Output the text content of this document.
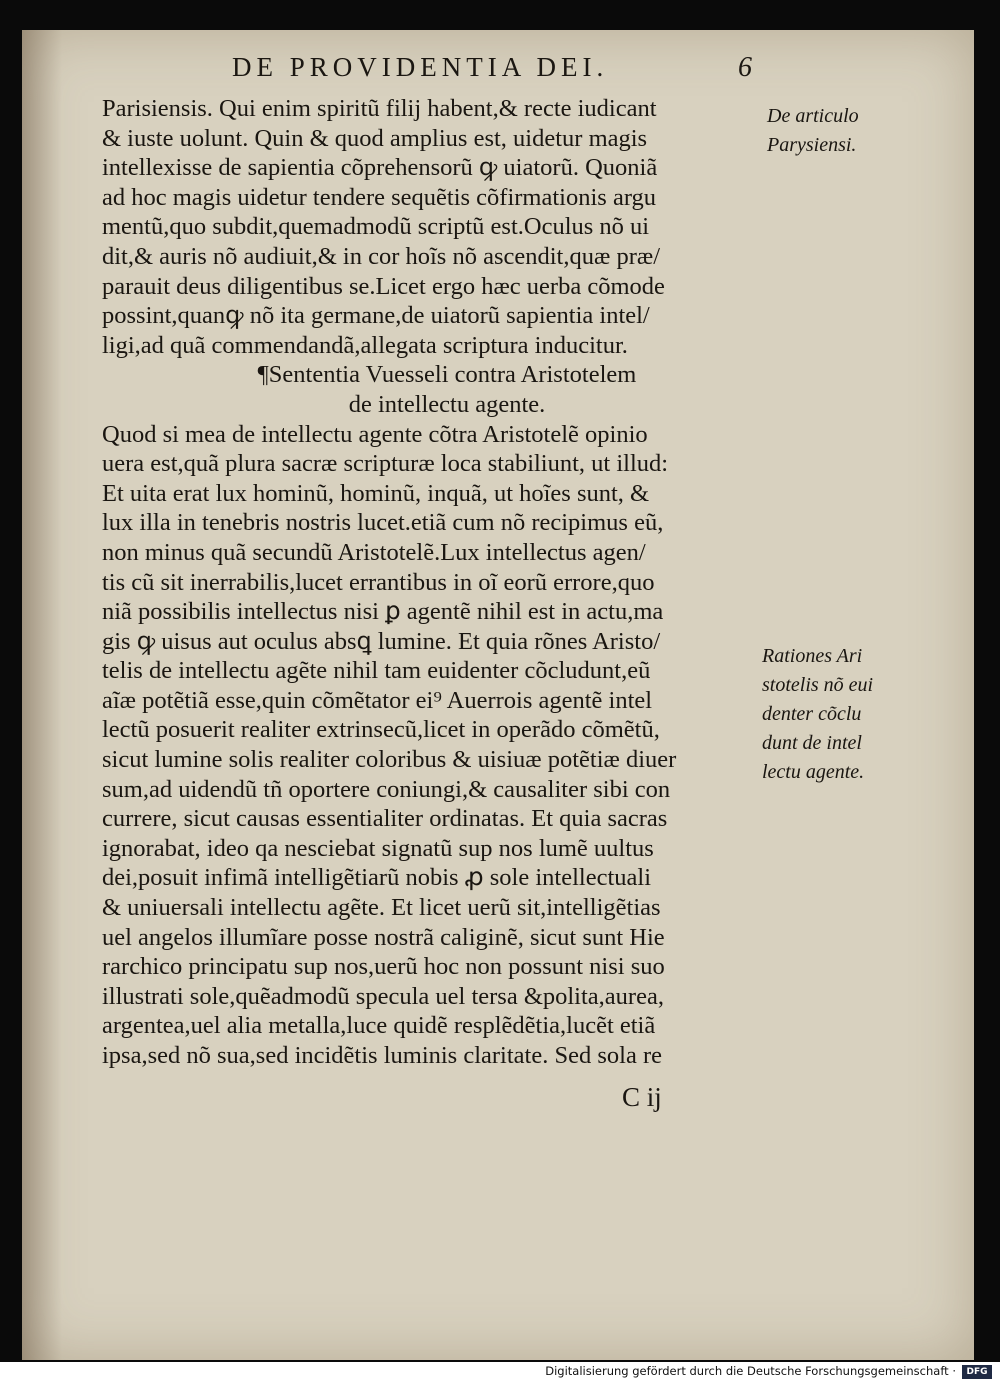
DE PROVIDENTIA DEI.	6
Parisiensis. Qui enim spiritũ filij habent,& recte iudicant
& iuste uolunt. Quin & quod amplius est, uidetur magis
intellexisse de sapientia cõprehensorũ ꝙ uiatorũ. Quoniã
ad hoc magis uidetur tendere sequẽtis cõfirmationis argu
mentũ,quo subdit,quemadmodũ scriptũ est.Oculus nõ ui
dit,& auris nõ audiuit,& in cor hoĩs nõ ascendit,quæ præ/
parauit deus diligentibus se.Licet ergo hæc uerba cõmode
possint,quanꝙ nõ ita germane,de uiatorũ sapientia intel/
ligi,ad quã commendandã,allegata scriptura inducitur.
¶Sententia Vuesseli contra Aristotelem
de intellectu agente.
Quod si mea de intellectu agente cõtra Aristotelẽ opinio
uera est,quã plura sacræ scripturæ loca stabiliunt, ut illud:
Et uita erat lux hominũ, hominũ, inquã, ut hoĩes sunt, &
lux illa in tenebris nostris lucet.etiã cum nõ recipimus eũ,
non minus quã secundũ Aristotelẽ.Lux intellectus agen/
tis cũ sit inerrabilis,lucet errantibus in oĩ eorũ errore,quo
niã possibilis intellectus nisi ꝑ agentẽ nihil est in actu,ma
gis ꝙ uisus aut oculus absꝗ lumine. Et quia rõnes Aristo/
telis de intellectu agẽte nihil tam euidenter cõcludunt,eũ
aĩæ potẽtiã esse,quin cõmẽtator ei⁹ Auerrois agentẽ intel
lectũ posuerit realiter extrinsecũ,licet in operãdo cõmẽtũ,
sicut lumine solis realiter coloribus & uisiuæ potẽtiæ diuer
sum,ad uidendũ tñ oportere coniungi,& causaliter sibi con
currere, sicut causas essentialiter ordinatas. Et quia sacras
ignorabat, ideo qa nesciebat signatũ sup nos lumẽ uultus
dei,posuit infimã intelligẽtiarũ nobis ꝓ sole intellectuali
& uniuersali intellectu agẽte. Et licet uerũ sit,intelligẽtias
uel angelos illumĩare posse nostrã caliginẽ, sicut sunt Hie
rarchico principatu sup nos,uerũ hoc non possunt nisi suo
illustrati sole,quẽadmodũ specula uel tersa &polita,aurea,
argentea,uel alia metalla,luce quidẽ resplẽdẽtia,lucẽt etiã
ipsa,sed nõ sua,sed incidẽtis luminis claritate. Sed sola re
De articulo
Parysiensi.
Rationes Ari
stotelis nõ eui
denter cõclu
dunt de intel
lectu agente.
C ij
Digitalisierung gefördert durch die Deutsche Forschungsgemeinschaft ·	DFG
